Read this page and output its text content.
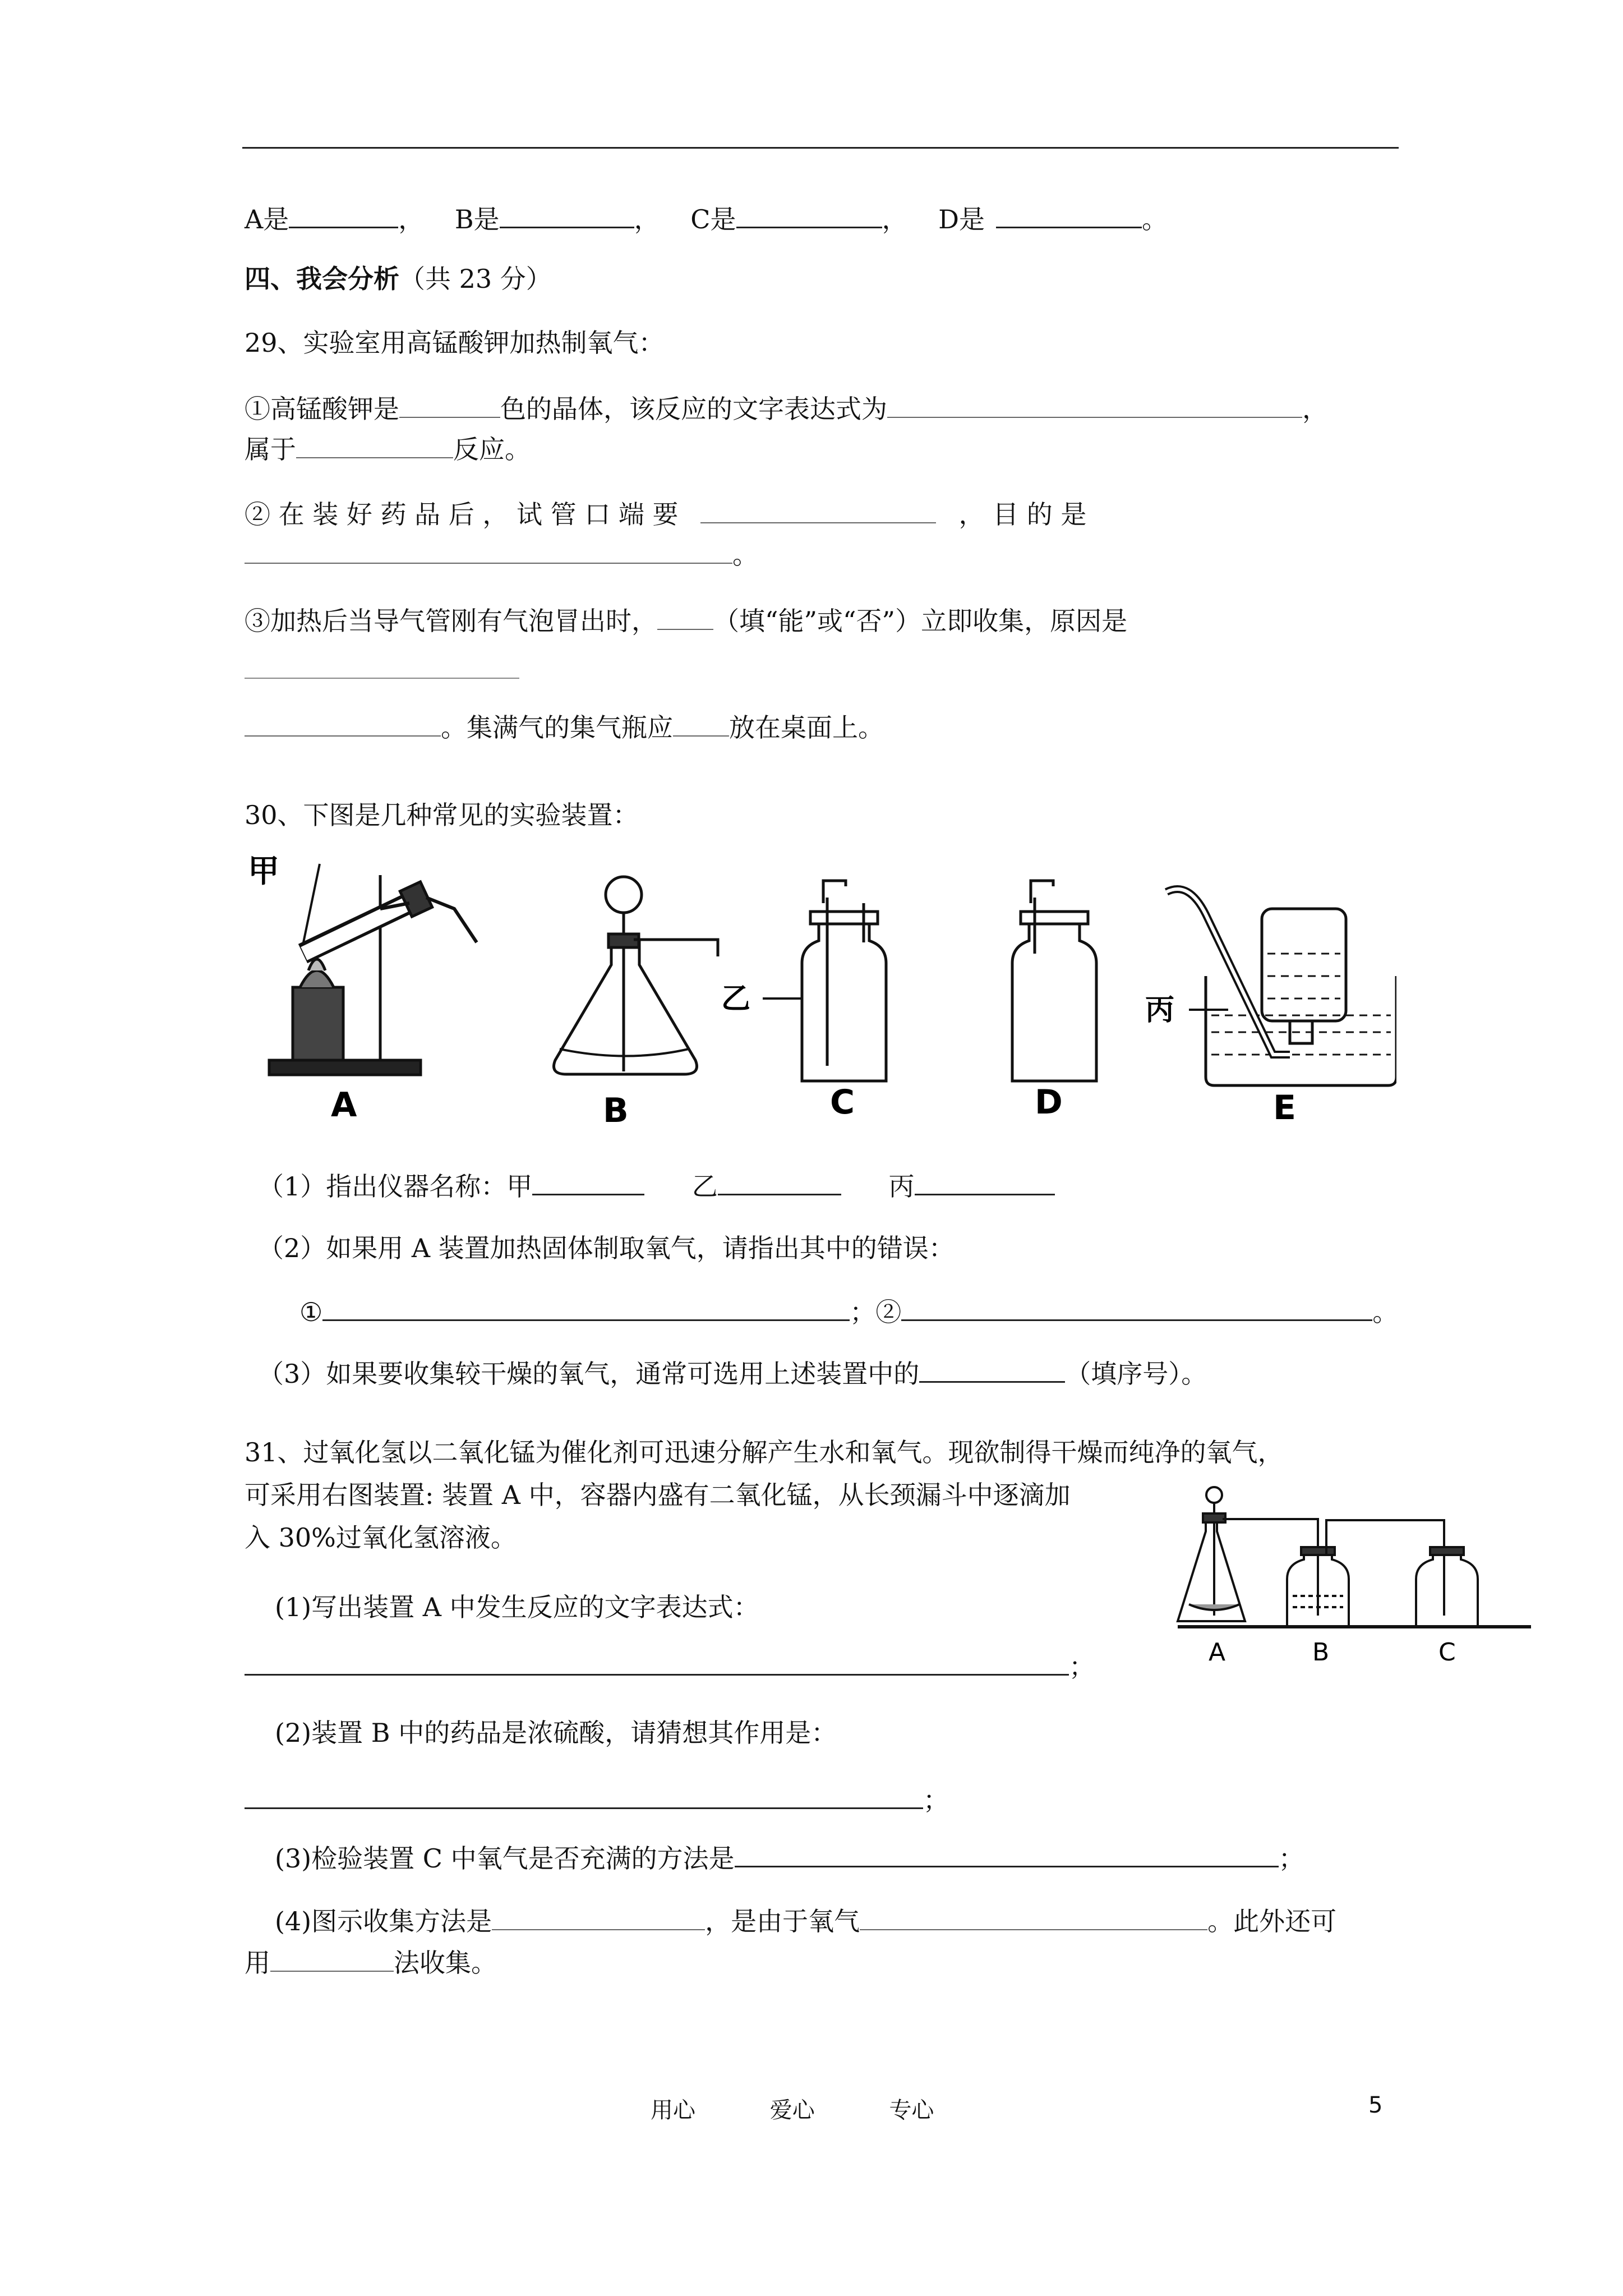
A是	， B是	， C是	， D是	。
四、我会分析（共 23 分）
29、实验室用高锰酸钾加热制氧气：
①高锰酸钾是	色的晶体，该反应的文字表达式为	，
属于	反应。
② 在 装 好 药 品 后 ， 试 管 口 端 要	， 目 的 是
。
③加热后当导气管刚有气泡冒出时， （填“能”或“否”）立即收集，原因是
。集满气的集气瓶应 放在桌面上。
30、下图是几种常见的实验装置：
甲
A	B
乙
C	D
丙
E
（1）指出仪器名称：甲	乙	丙
（2）如果用 A 装置加热固体制取氧气，请指出其中的错误：
①	；②	。
（3）如果要收集较干燥的氧气，通常可选用上述装置中的	（填序号）。
31、过氧化氢以二氧化锰为催化剂可迅速分解产生水和氧气。现欲制得干燥而纯净的氧气，
可采用右图装置: 装置 A 中，容器内盛有二氧化锰，从长颈漏斗中逐滴加
入 30%过氧化氢溶液。
A	B	C
(1)写出装置 A 中发生反应的文字表达式：
；
(2)装置 B 中的药品是浓硫酸，请猜想其作用是：
；
(3)检验装置 C 中氧气是否充满的方法是	；
(4)图示收集方法是	，是由于氧气	。此外还可
用	法收集。
用心	爱心	专心	5
